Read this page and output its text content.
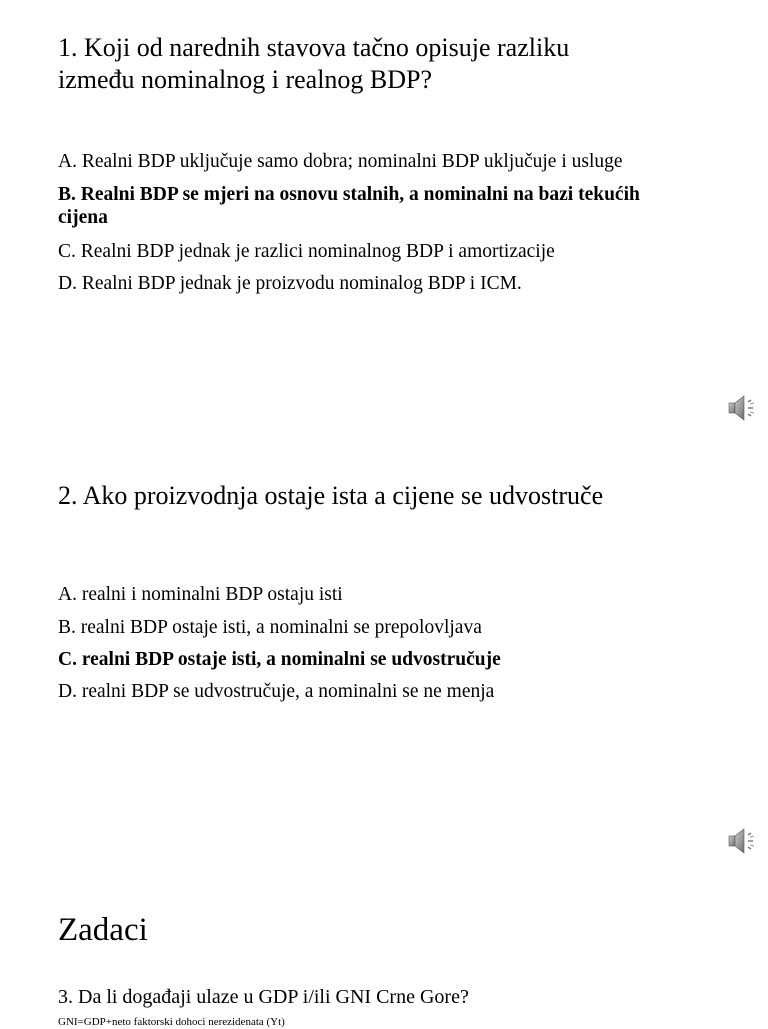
1. Koji od narednih stavova tačno opisuje razliku

između nominalnog i realnog BDP?

A. Realni BDP uključuje samo dobra; nominalni BDP uključuje i usluge

B. Realni BDP se mjeri na osnovu stalnih, a nominalni na bazi tekućih cijena

C. Realni BDP jednak je razlici nominalnog BDP i amortizacije

D. Realni BDP jednak je proizvodu nominalog BDP i ICM.

2. Ako proizvodnja ostaje ista a cijene se udvostruče

A. realni i nominalni BDP ostaju isti

B. realni BDP ostaje isti, a nominalni se prepolovljava

C. realni BDP ostaje isti, a nominalni se udvostručuje

D. realni BDP se udvostručuje, a nominalni se ne menja

Zadaci

3. Da li događaji ulaze u GDP i/ili GNI Crne Gore?

GNI=GDP+neto faktorski dohoci nerezidenata (Yt)
